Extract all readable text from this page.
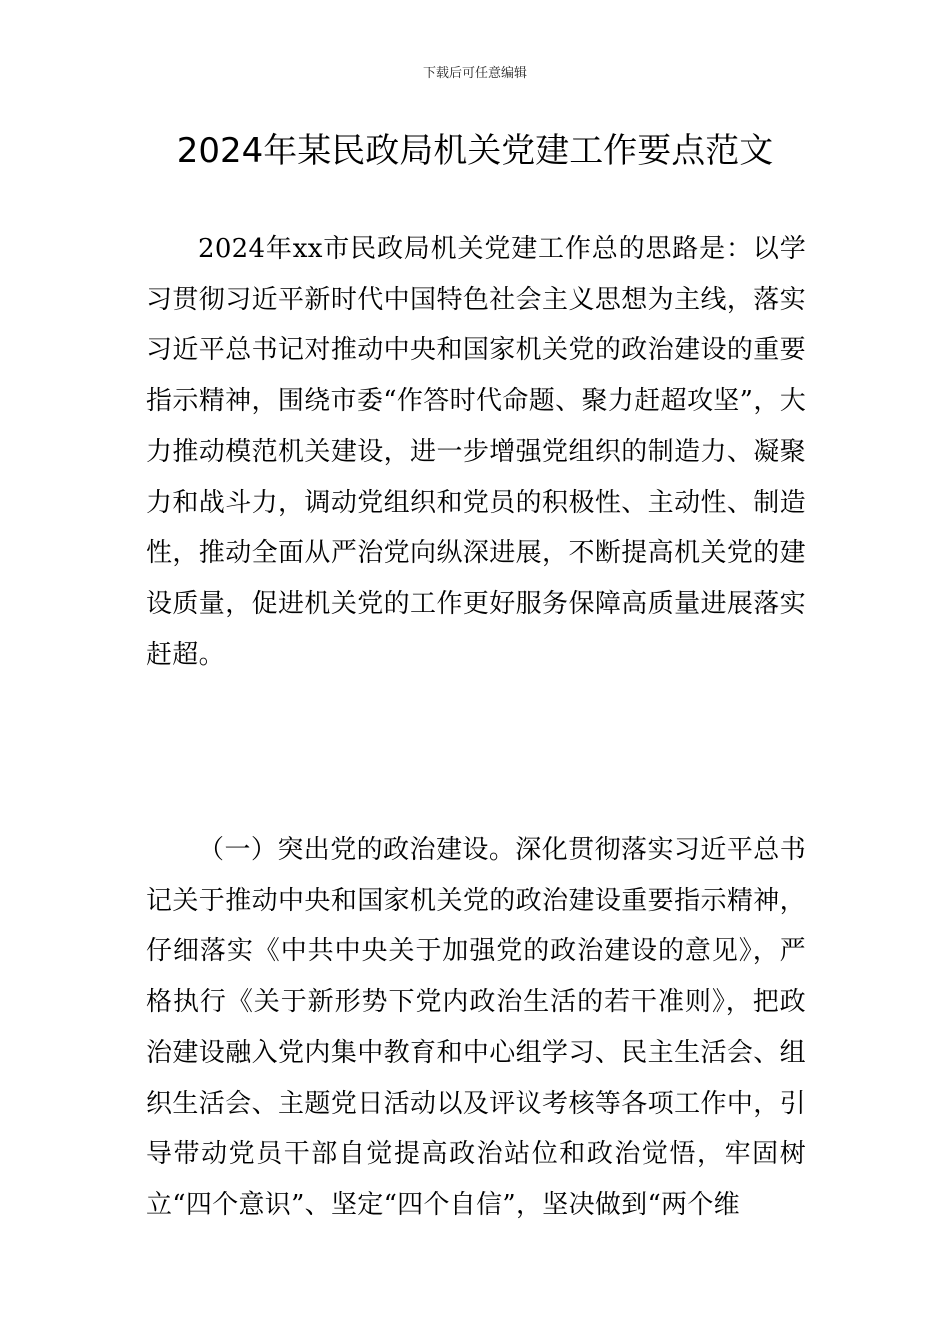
下载后可任意编辑
2024年某民政局机关党建工作要点范文

2024年xx市民政局机关党建工作总的思路是：以学习贯彻习近平新时代中国特色社会主义思想为主线，落实习近平总书记对推动中央和国家机关党的政治建设的重要指示精神，围绕市委“作答时代命题、聚力赶超攻坚”，大力推动模范机关建设，进一步增强党组织的制造力、凝聚力和战斗力，调动党组织和党员的积极性、主动性、制造性，推动全面从严治党向纵深进展，不断提高机关党的建设质量，促进机关党的工作更好服务保障高质量进展落实赶超。

（一）突出党的政治建设。深化贯彻落实习近平总书记关于推动中央和国家机关党的政治建设重要指示精神，仔细落实《中共中央关于加强党的政治建设的意见》，严格执行《关于新形势下党内政治生活的若干准则》，把政治建设融入党内集中教育和中心组学习、民主生活会、组织生活会、主题党日活动以及评议考核等各项工作中，引导带动党员干部自觉提高政治站位和政治觉悟，牢固树立“四个意识”、坚定“四个自信”，坚决做到“两个维
